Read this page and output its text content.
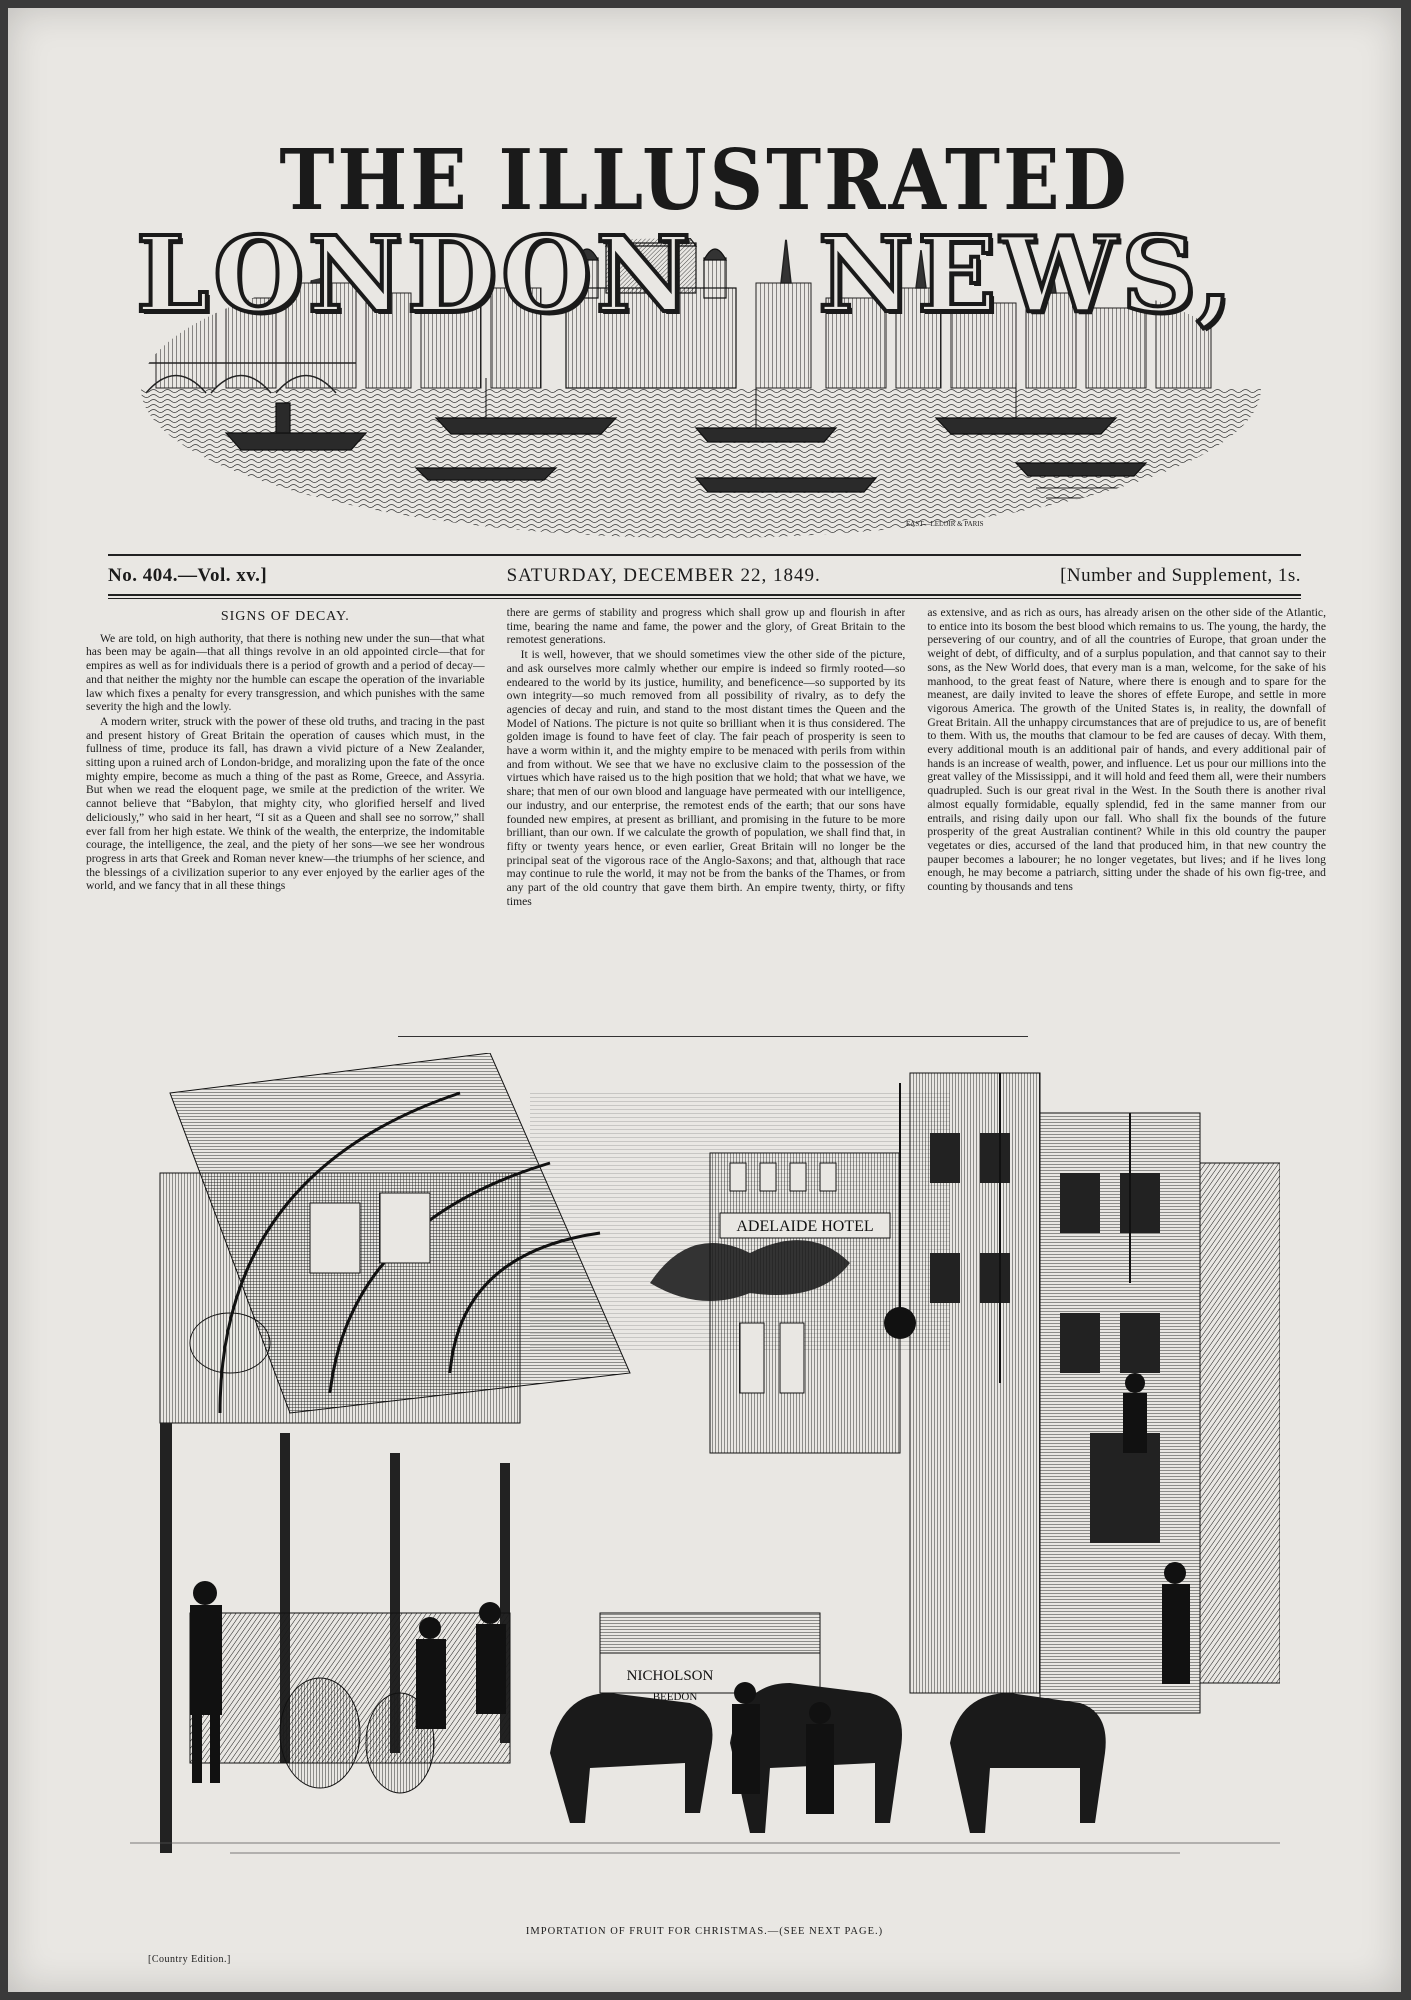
THE ILLUSTRATED
EAST—LELOIR & PARIS
LONDON NEWS,
No. 404.—Vol. xv.]	SATURDAY, DECEMBER 22, 1849.	[Number and Supplement, 1s.
SIGNS OF DECAY.

We are told, on high authority, that there is nothing new under the sun—that what has been may be again—that all things revolve in an old appointed circle—that for empires as well as for individuals there is a period of growth and a period of decay—and that neither the mighty nor the humble can escape the operation of the invariable law which fixes a penalty for every transgression, and which punishes with the same severity the high and the lowly.

A modern writer, struck with the power of these old truths, and tracing in the past and present history of Great Britain the operation of causes which must, in the fullness of time, produce its fall, has drawn a vivid picture of a New Zealander, sitting upon a ruined arch of London-bridge, and moralizing upon the fate of the once mighty empire, become as much a thing of the past as Rome, Greece, and Assyria. But when we read the eloquent page, we smile at the prediction of the writer. We cannot believe that “Babylon, that mighty city, who glorified herself and lived deliciously,” who said in her heart, “I sit as a Queen and shall see no sorrow,” shall ever fall from her high estate. We think of the wealth, the enterprize, the indomitable courage, the intelligence, the zeal, and the piety of her sons—we see her wondrous progress in arts that Greek and Roman never knew—the triumphs of her science, and the blessings of a civilization superior to any ever enjoyed by the earlier ages of the world, and we fancy that in all these things

there are germs of stability and progress which shall grow up and flourish in after time, bearing the name and fame, the power and the glory, of Great Britain to the remotest generations.

It is well, however, that we should sometimes view the other side of the picture, and ask ourselves more calmly whether our empire is indeed so firmly rooted—so endeared to the world by its justice, humility, and beneficence—so supported by its own integrity—so much removed from all possibility of rivalry, as to defy the agencies of decay and ruin, and stand to the most distant times the Queen and the Model of Nations. The picture is not quite so brilliant when it is thus considered. The golden image is found to have feet of clay. The fair peach of prosperity is seen to have a worm within it, and the mighty empire to be menaced with perils from within and from without. We see that we have no exclusive claim to the possession of the virtues which have raised us to the high position that we hold; that what we have, we share; that men of our own blood and language have permeated with our intelligence, our industry, and our enterprise, the remotest ends of the earth; that our sons have founded new empires, at present as brilliant, and promising in the future to be more brilliant, than our own. If we calculate the growth of population, we shall find that, in fifty or twenty years hence, or even earlier, Great Britain will no longer be the principal seat of the vigorous race of the Anglo-Saxons; and that, although that race may continue to rule the world, it may not be from the banks of the Thames, or from any part of the old country that gave them birth. An empire twenty, thirty, or fifty times

as extensive, and as rich as ours, has already arisen on the other side of the Atlantic, to entice into its bosom the best blood which remains to us. The young, the hardy, the persevering of our country, and of all the countries of Europe, that groan under the weight of debt, of difficulty, and of a surplus population, and that cannot say to their sons, as the New World does, that every man is a man, welcome, for the sake of his manhood, to the great feast of Nature, where there is enough and to spare for the meanest, are daily invited to leave the shores of effete Europe, and settle in more vigorous America. The growth of the United States is, in reality, the downfall of Great Britain. All the unhappy circumstances that are of prejudice to us, are of benefit to them. With us, the mouths that clamour to be fed are causes of decay. With them, every additional mouth is an additional pair of hands, and every additional pair of hands is an increase of wealth, power, and influence. Let us pour our millions into the great valley of the Mississippi, and it will hold and feed them all, were their numbers quadrupled. Such is our great rival in the West. In the South there is another rival almost equally formidable, equally splendid, fed in the same manner from our entrails, and rising daily upon our fall. Who shall fix the bounds of the future prosperity of the great Australian continent? While in this old country the pauper vegetates or dies, accursed of the land that produced him, in that new country the pauper becomes a labourer; he no longer vegetates, but lives; and if he lives long enough, he may become a patriarch, sitting under the shade of his own fig-tree, and counting by thousands and tens

ADELAIDE HOTEL
NICHOLSON
BEEDON
IMPORTATION OF FRUIT FOR CHRISTMAS.—(SEE NEXT PAGE.)
[Country Edition.]
